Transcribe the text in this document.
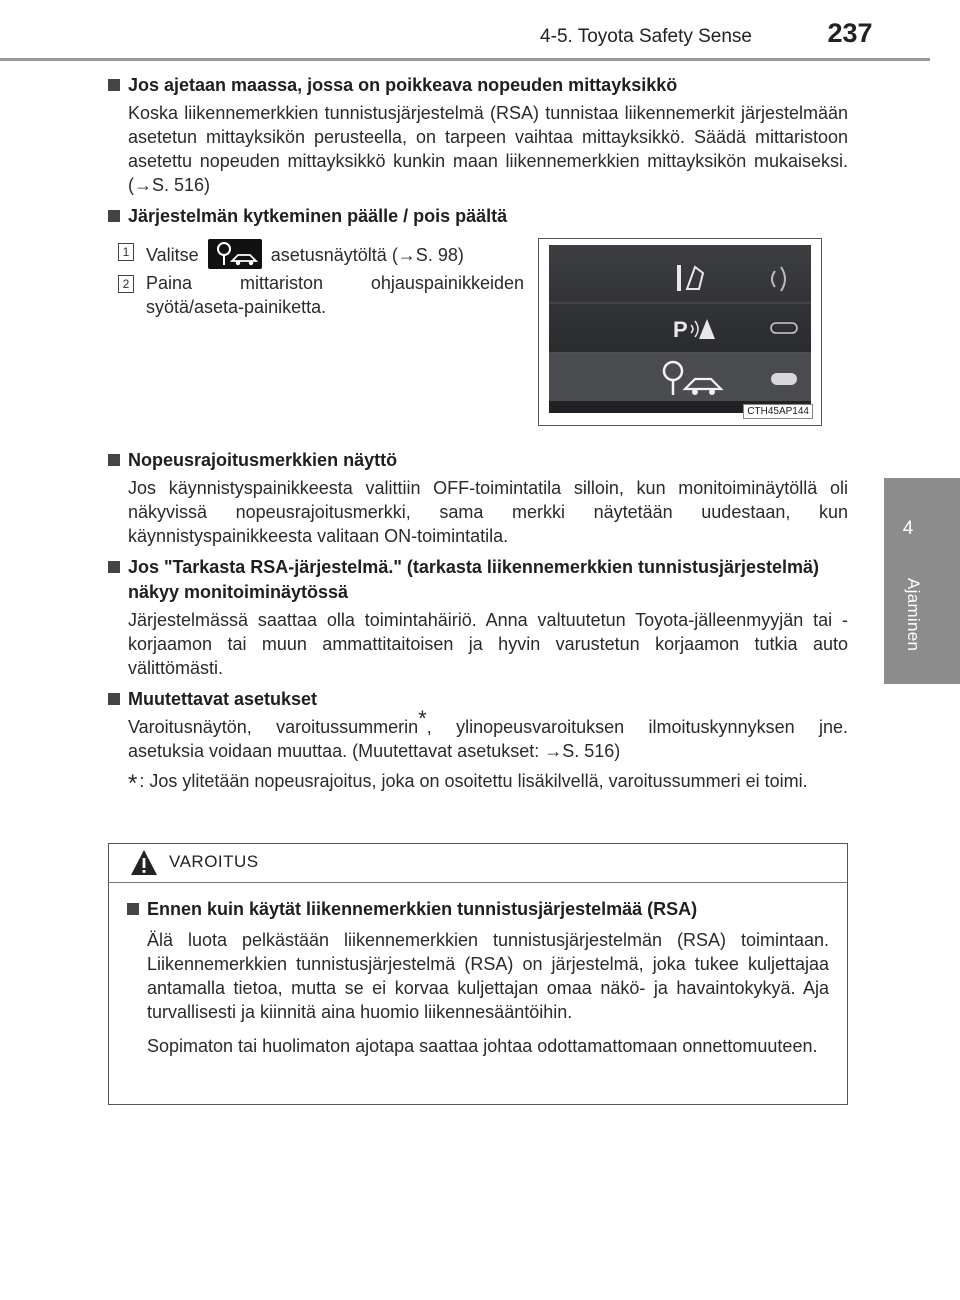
4-5. Toyota Safety Sense	237
4
Ajaminen
Jos ajetaan maassa, jossa on poikkeava nopeuden mittayksikkö
Koska liikennemerkkien tunnistusjärjestelmä (RSA) tunnistaa liikennemerkit järjestelmään asetetun mittayksikön perusteella, on tarpeen vaihtaa mittayksikkö. Säädä mittaristoon asetettu nopeuden mittayksikkö kunkin maan liikennemerkkien mittayksikön mukaiseksi. (→S. 516)
Järjestelmän kytkeminen päälle / pois päältä
1 Valitse	asetusnäytöltä (→S. 98)
2 Paina mittariston ohjauspainikkeiden syötä/aseta-painiketta.
P
CTH45AP144
Nopeusrajoitusmerkkien näyttö
Jos käynnistyspainikkeesta valittiin OFF-toimintatila silloin, kun monitoiminäytöllä oli näkyvissä nopeusrajoitusmerkki, sama merkki näytetään uudestaan, kun käynnistyspainikkeesta valitaan ON-toimintatila.
Jos "Tarkasta RSA-järjestelmä." (tarkasta liikennemerkkien tunnistusjärjestelmä) näkyy monitoiminäytössä
Järjestelmässä saattaa olla toimintahäiriö. Anna valtuutetun Toyota-jälleenmyyjän tai -korjaamon tai muun ammattitaitoisen ja hyvin varustetun korjaamon tutkia auto välittömästi.
Muutettavat asetukset
Varoitusnäytön, varoitussummerin*, ylinopeusvaroituksen ilmoituskynnyksen jne. asetuksia voidaan muuttaa. (Muutettavat asetukset: →S. 516)
* : Jos ylitetään nopeusrajoitus, joka on osoitettu lisäkilvellä, varoitussummeri ei toimi.
VAROITUS
Ennen kuin käytät liikennemerkkien tunnistusjärjestelmää (RSA)
Älä luota pelkästään liikennemerkkien tunnistusjärjestelmän (RSA) toimintaan. Liikennemerkkien tunnistusjärjestelmä (RSA) on järjestelmä, joka tukee kuljettajaa antamalla tietoa, mutta se ei korvaa kuljettajan omaa näkö- ja havaintokykyä. Aja turvallisesti ja kiinnitä aina huomio liikennesääntöihin.
Sopimaton tai huolimaton ajotapa saattaa johtaa odottamattomaan onnettomuuteen.
